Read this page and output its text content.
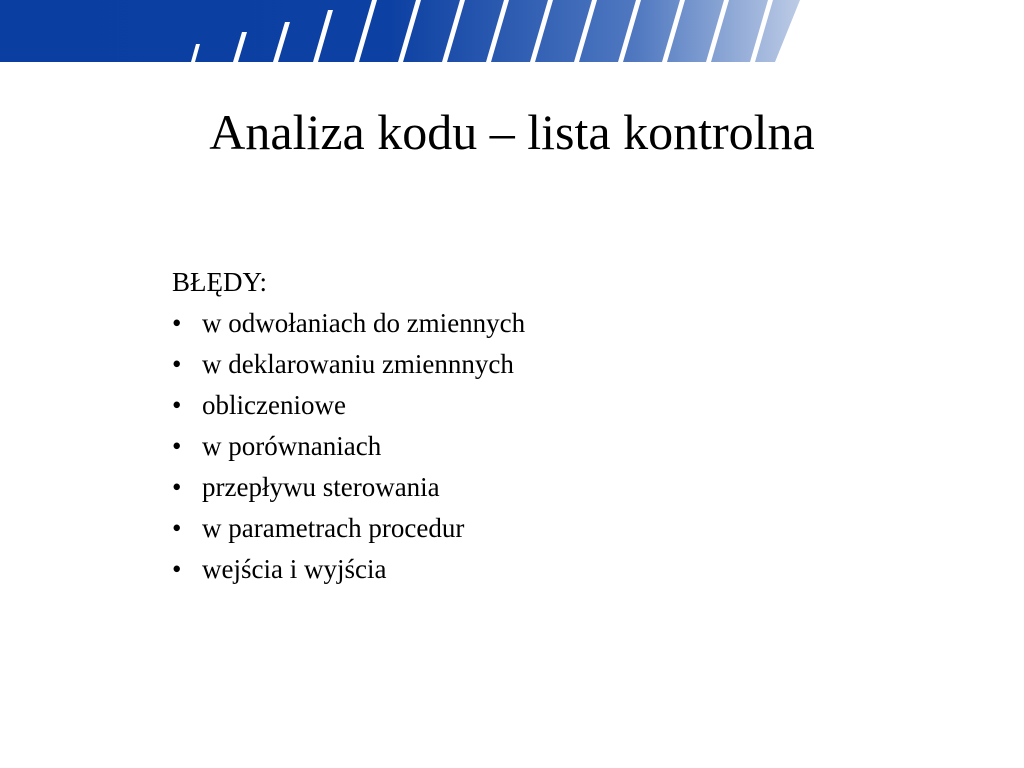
Analiza kodu – lista kontrolna
BŁĘDY:
• w odwołaniach do zmiennych
• w deklarowaniu zmiennnych
• obliczeniowe
• w porównaniach
• przepływu sterowania
• w parametrach procedur
• wejścia i wyjścia
